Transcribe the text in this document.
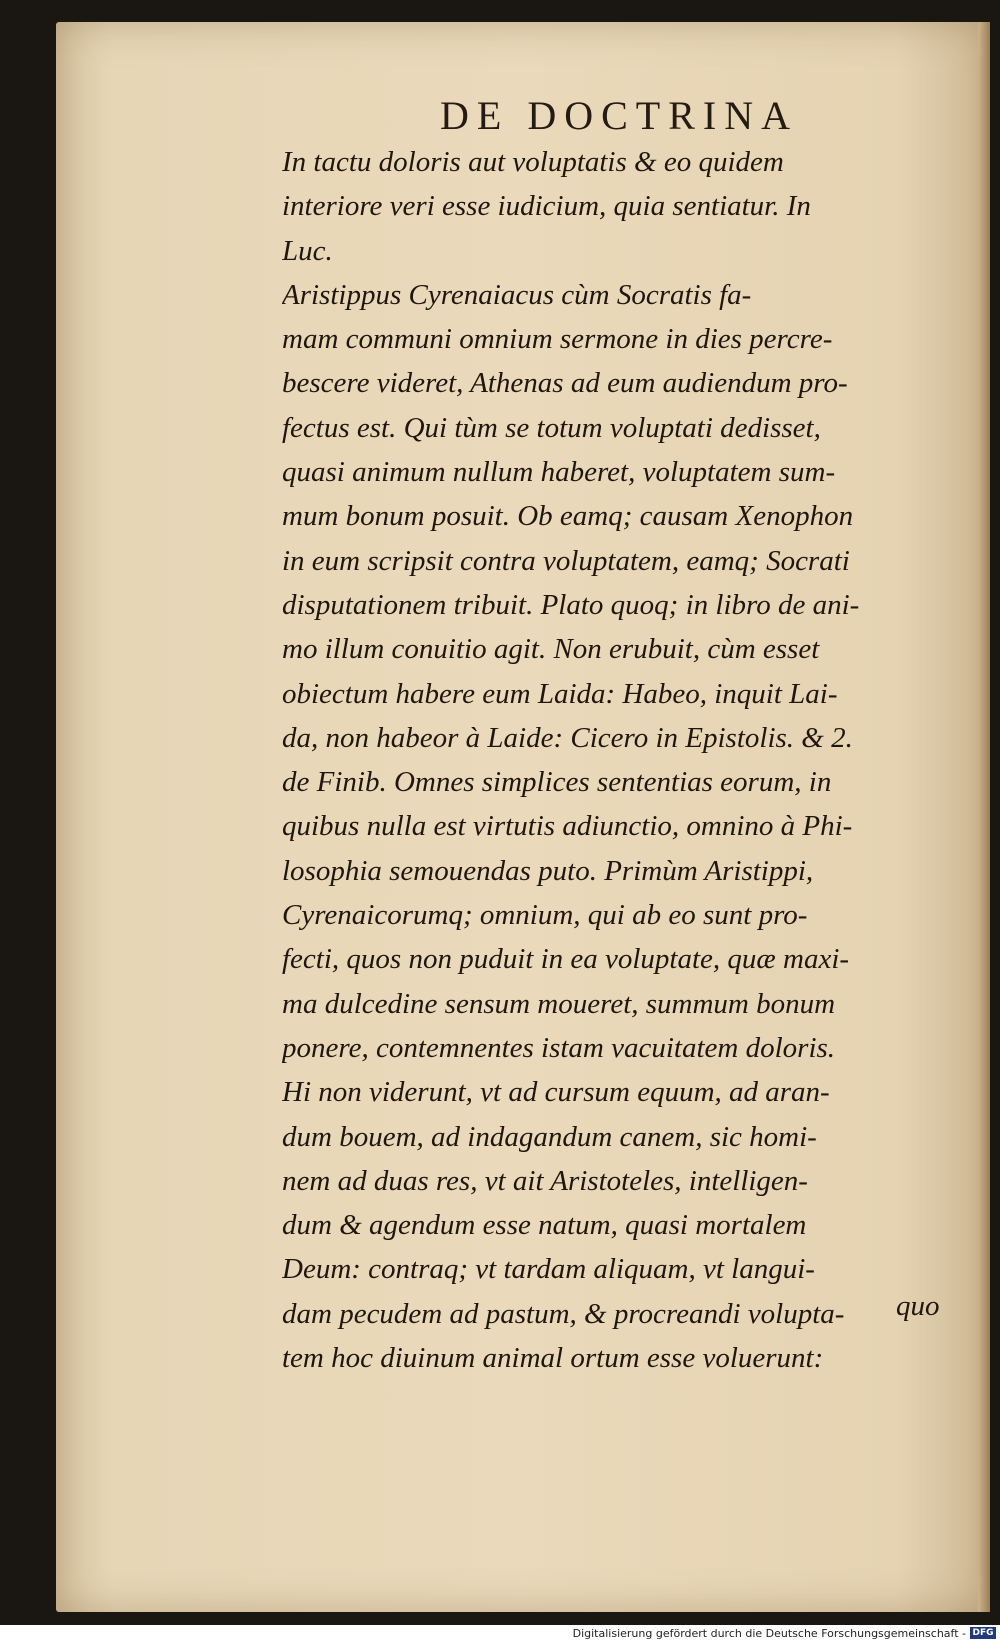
DE DOCTRINA
In tactu doloris aut voluptatis & eo quidem
interiore veri esse iudicium, quia sentiatur. In
Luc.
Aristippus Cyrenaiacus cùm Socratis fa-
mam communi omnium sermone in dies percre-
bescere videret, Athenas ad eum audiendum pro-
fectus est. Qui tùm se totum voluptati dedisset,
quasi animum nullum haberet, voluptatem sum-
mum bonum posuit. Ob eamq; causam Xenophon
in eum scripsit contra voluptatem, eamq; Socrati
disputationem tribuit. Plato quoq; in libro de ani-
mo illum conuitio agit. Non erubuit, cùm esset
obiectum habere eum Laida: Habeo, inquit Lai-
da, non habeor à Laide: Cicero in Epistolis. & 2.
de Finib. Omnes simplices sententias eorum, in
quibus nulla est virtutis adiunctio, omnino à Phi-
losophia semouendas puto. Primùm Aristippi,
Cyrenaicorumq; omnium, qui ab eo sunt pro-
fecti, quos non puduit in ea voluptate, quæ maxi-
ma dulcedine sensum moueret, summum bonum
ponere, contemnentes istam vacuitatem doloris.
Hi non viderunt, vt ad cursum equum, ad aran-
dum bouem, ad indagandum canem, sic homi-
nem ad duas res, vt ait Aristoteles, intelligen-
dum & agendum esse natum, quasi mortalem
Deum: contraq; vt tardam aliquam, vt langui-
dam pecudem ad pastum, & procreandi volupta-
tem hoc diuinum animal ortum esse voluerunt:

quo

Digitalisierung gefördert durch die Deutsche Forschungsgemeinschaft - DFG
